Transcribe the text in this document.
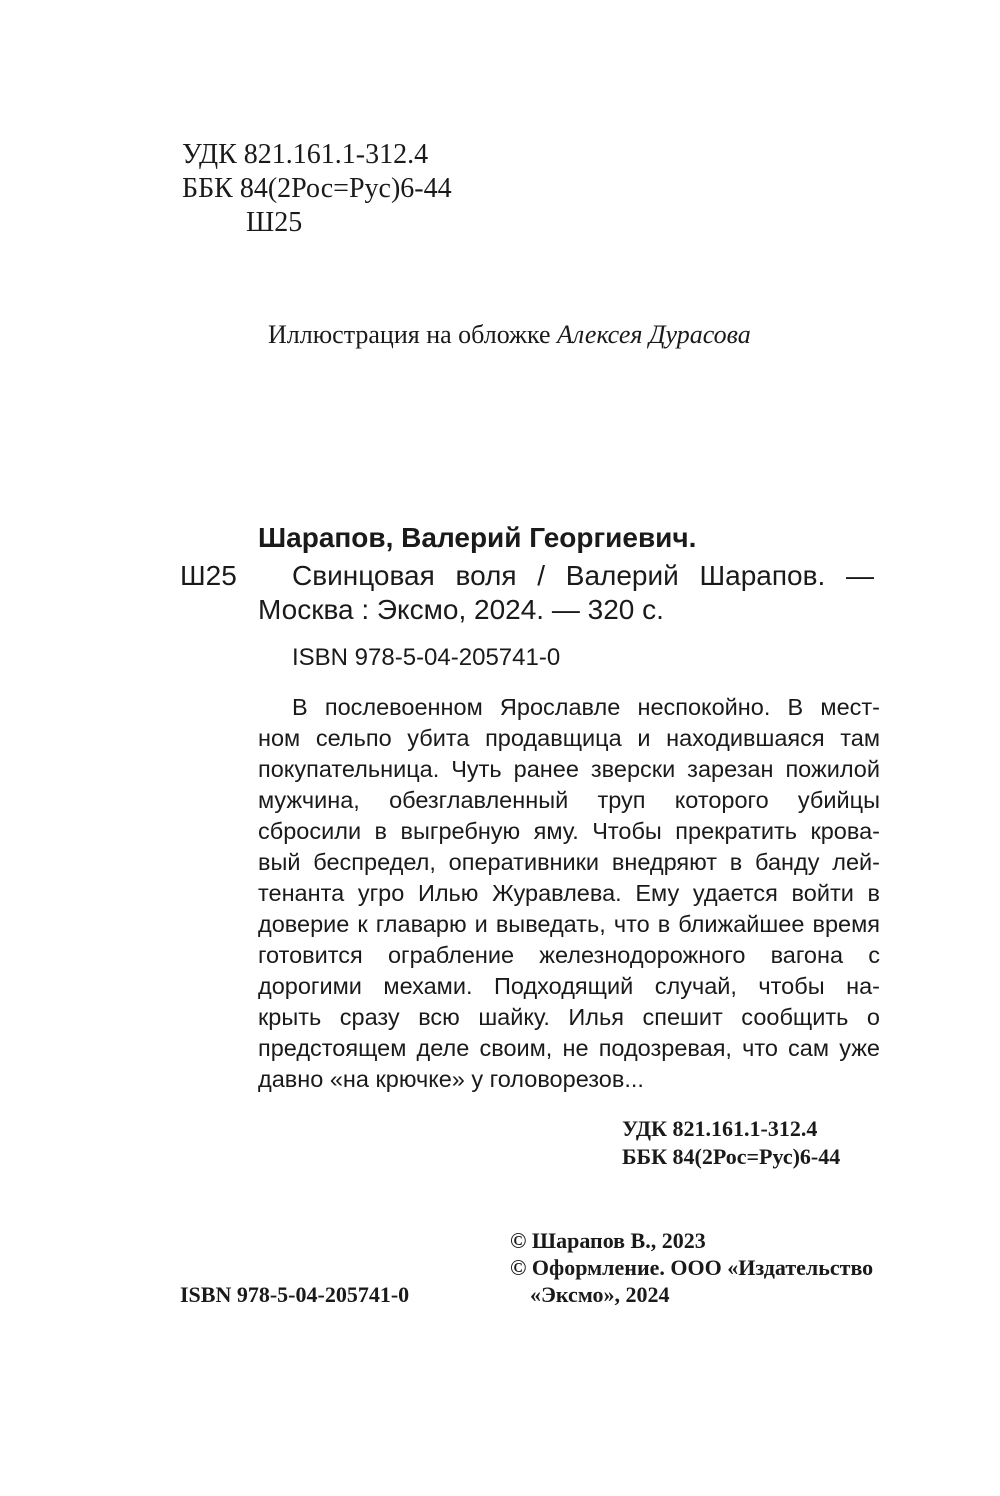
УДК 821.161.1-312.4
ББК 84(2Рос=Рус)6-44
Ш25
Иллюстрация на обложке Алексея Дурасова
Шарапов, Валерий Георгиевич.
Ш25 Свинцовая воля / Валерий Шарапов. —
Москва : Эксмо, 2024. — 320 с.
ISBN 978-5-04-205741-0
В послевоенном Ярославле неспокойно. В мест-
ном сельпо убита продавщица и находившаяся там
покупательница. Чуть ранее зверски зарезан пожилой
мужчина, обезглавленный труп которого убийцы
сбросили в выгребную яму. Чтобы прекратить крова-
вый беспредел, оперативники внедряют в банду лей-
тенанта угро Илью Журавлева. Ему удается войти в
доверие к главарю и выведать, что в ближайшее время
готовится ограбление железнодорожного вагона с
дорогими мехами. Подходящий случай, чтобы на-
крыть сразу всю шайку. Илья спешит сообщить о
предстоящем деле своим, не подозревая, что сам уже
давно «на крючке» у головорезов...
УДК 821.161.1-312.4
ББК 84(2Рос=Рус)6-44
© Шарапов В., 2023
© Оформление. ООО «Издательство
«Эксмо», 2024
ISBN 978-5-04-205741-0
